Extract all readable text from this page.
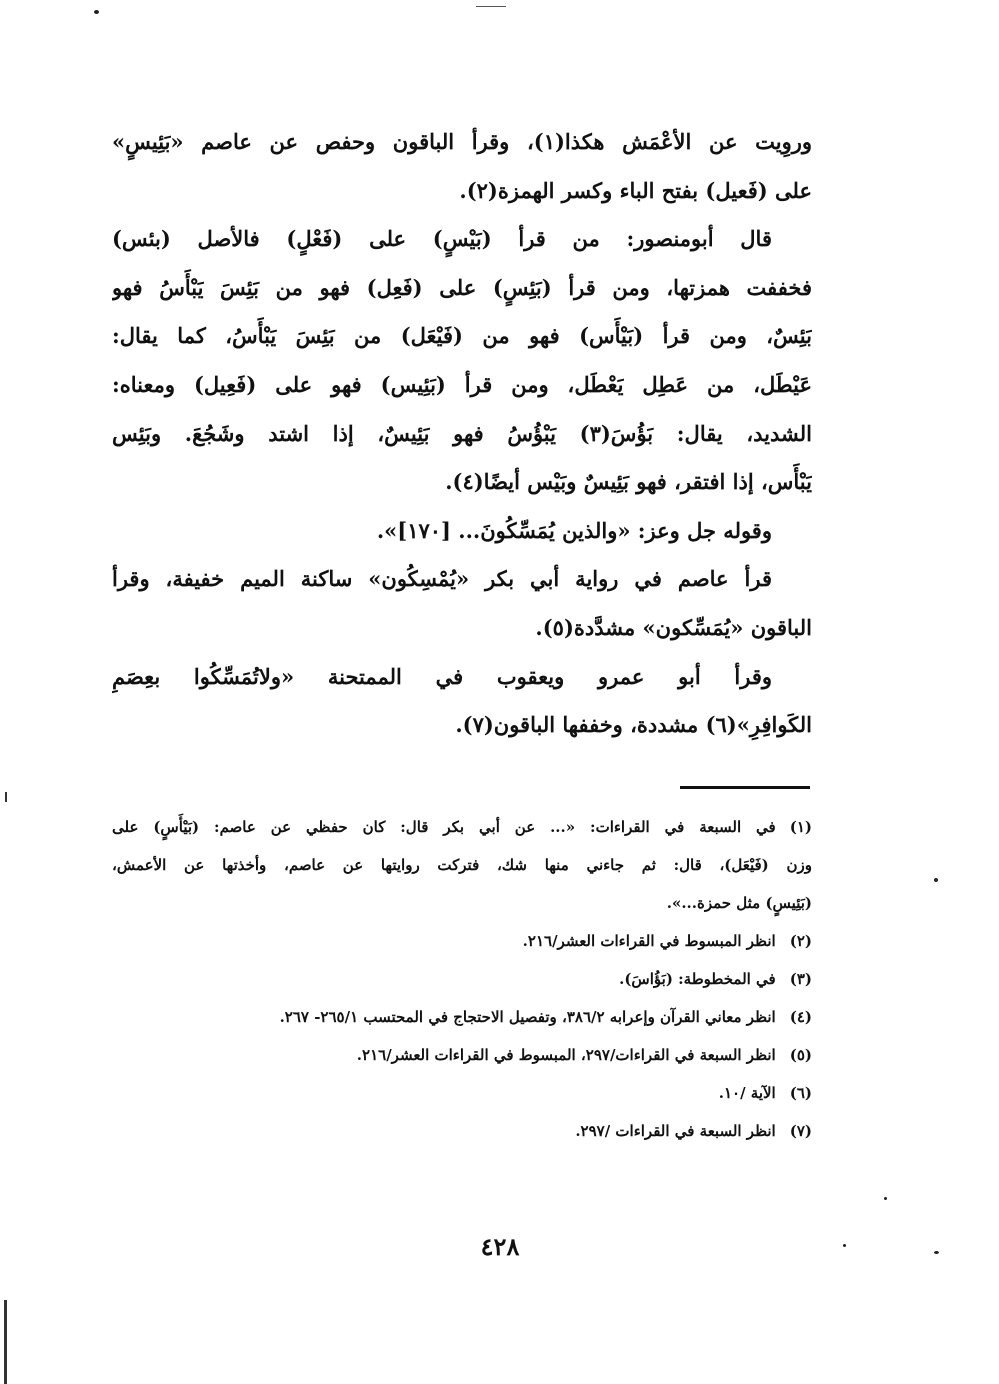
وروِيت عن الأعْمَش هكذا(١)، وقرأ الباقون وحفص عن عاصم «بَئِيسٍ»
على (فَعيل) بفتح الباء وكسر الهمزة(٢).
قال أبومنصور: من قرأ (بَيْسٍ) على (فَعْلٍ) فالأصل (بئس)
فخففت همزتها، ومن قرأ (بَئِسٍ) على (فَعِل) فهو من بَئِسَ يَبْأَسُ فهو
بَئِسٌ، ومن قرأ (بَيْأَس) فهو من (فَيْعَل) من بَئِسَ يَبْأَسُ، كما يقال:
عَيْطَل، من عَطِل يَعْطَل، ومن قرأ (بَئِيس) فهو على (فَعِيل) ومعناه:
الشديد، يقال: بَؤُسَ(٣) يَبْؤُسُ فهو بَئِيسٌ، إذا اشتد وشَجُعَ. وبَئِس
يَبْأَس، إذا افتقر، فهو بَئِيسٌ وبَيْس أيضًا(٤).
وقوله جل وعز: «والذين يُمَسِّكُونَ... [١٧٠]».
قرأ عاصم في رواية أبي بكر «يُمْسِكُون» ساكنة الميم خفيفة، وقرأ
الباقون «يُمَسِّكون» مشدَّدة(٥).
وقرأ أبو عمرو ويعقوب في الممتحنة «ولاتُمَسِّكُوا بعِصَمِ
الكَوافِرِ»(٦) مشددة، وخففها الباقون(٧).
(١)في السبعة في القراءات: «... عن أبي بكر قال: كان حفظي عن عاصم: (بَيْأَسٍ) على
وزن (فَيْعَل)، قال: ثم جاءني منها شك، فتركت روايتها عن عاصم، وأخذتها عن الأعمش،
(بَئِيسٍ) مثل حمزة...».
(٢)انظر المبسوط في القراءات العشر/٢١٦.
(٣)في المخطوطة: (بَؤُاسَ).
(٤)انظر معاني القرآن وإعرابه ٣٨٦/٢، وتفصيل الاحتجاج في المحتسب ٢٦٥/١- ٢٦٧.
(٥)انظر السبعة في القراءات/٢٩٧، المبسوط في القراءات العشر/٢١٦.
(٦)الآية /١٠.
(٧)انظر السبعة في القراءات /٢٩٧.
٤٢٨
